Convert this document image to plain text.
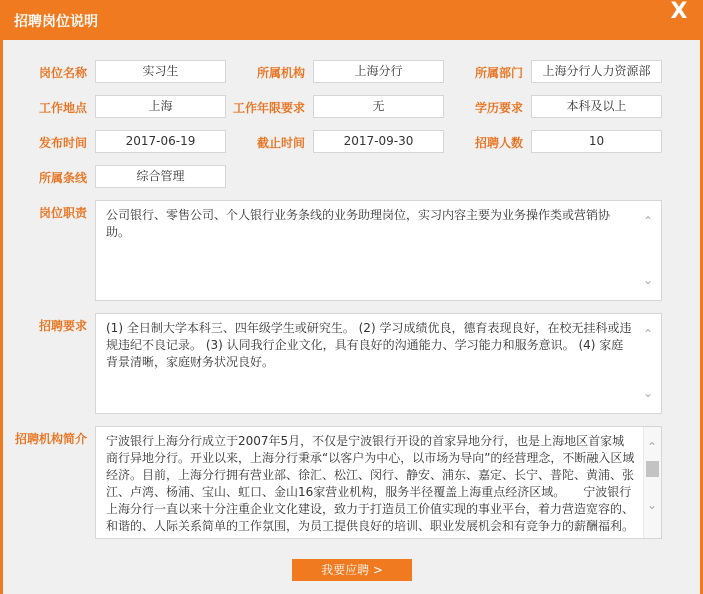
招聘岗位说明	X
岗位名称	实习生	所属机构	上海分行	所属部门	上海分行人力资源部
工作地点	上海	工作年限要求	无	学历要求	本科及以上
发布时间	2017-06-19	截止时间	2017-09-30	招聘人数	10
所属条线	综合管理
岗位职责 公司银行、零售公司、个人银行业务条线的业务助理岗位，实习内容主要为业务操作类或营销协助。
⌃
⌄
招聘要求 (1) 全日制大学本科三、四年级学生或研究生。 (2) 学习成绩优良，德育表现良好，在校无挂科或违规违纪不良记录。 (3) 认同我行企业文化，具有良好的沟通能力、学习能力和服务意识。 (4) 家庭背景清晰，家庭财务状况良好。
⌃
⌄
招聘机构简介 宁波银行上海分行成立于2007年5月，不仅是宁波银行开设的首家异地分行，也是上海地区首家城商行异地分行。开业以来，上海分行秉承“以客户为中心，以市场为导向”的经营理念，不断融入区域经济。目前，上海分行拥有营业部、徐汇、松江、闵行、静安、浦东、嘉定、长宁、普陀、黄浦、张江、卢湾、杨浦、宝山、虹口、金山16家营业机构，服务半径覆盖上海重点经济区域。　　宁波银行上海分行一直以来十分注重企业文化建设，致力于打造员工价值实现的事业平台，着力营造宽容的、和谐的、人际关系简单的工作氛围，为员工提供良好的培训、职业发展机会和有竞争力的薪酬福利。
⌃
⌄
我要应聘 >
